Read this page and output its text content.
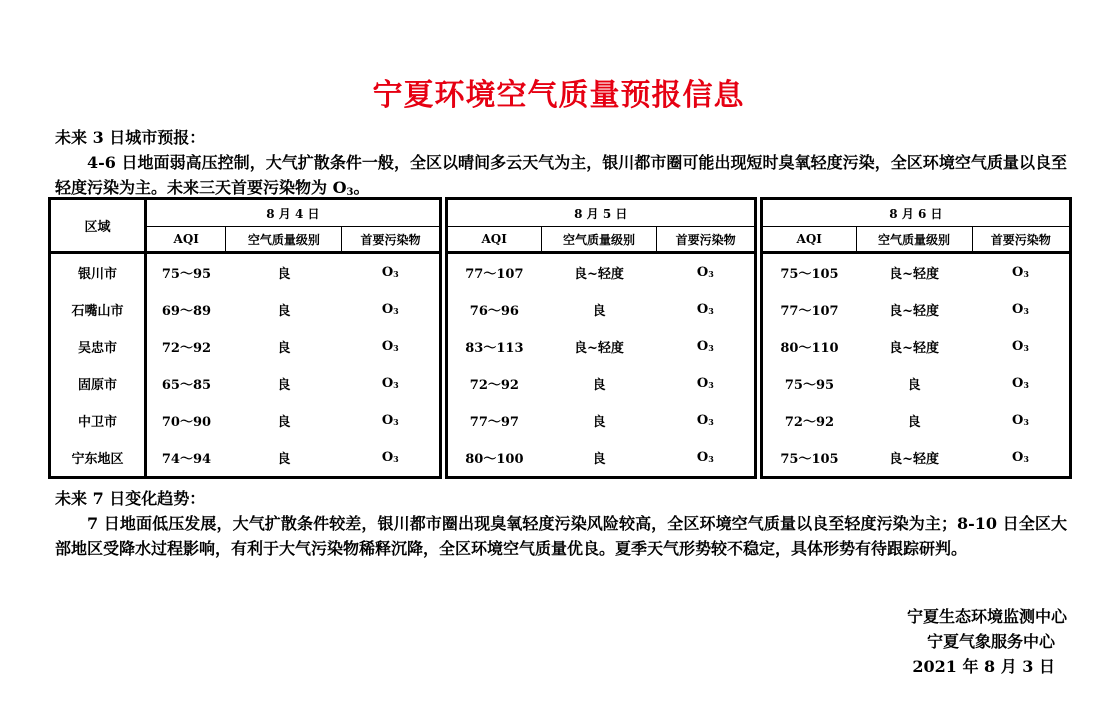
宁夏环境空气质量预报信息
未来 3 日城市预报：
4-6 日地面弱高压控制，大气扩散条件一般，全区以晴间多云天气为主，银川都市圈可能出现短时臭氧轻度污染，全区环境空气质量以良至轻度污染为主。未来三天首要污染物为 $O_3$。
区域	8 月 4 日				8 月 5 日				8 月 6 日		
	AQI	空气质量级别	首要污染物		AQI	空气质量级别	首要污染物		AQI	空气质量级别	首要污染物
银川市	75～95	良	O3		77～107	良~轻度	O3		75～105	良~轻度	O3
石嘴山市	69～89	良	O3		76～96	良	O3		77～107	良~轻度	O3
吴忠市	72～92	良	O3		83～113	良~轻度	O3		80～110	良~轻度	O3
固原市	65～85	良	O3		72～92	良	O3		75～95	良	O3
中卫市	70～90	良	O3		77～97	良	O3		72～92	良	O3
宁东地区	74～94	良	O3		80～100	良	O3		75～105	良~轻度	O3
未来 7 日变化趋势：
7 日地面低压发展，大气扩散条件较差，银川都市圈出现臭氧轻度污染风险较高，全区环境空气质量以良至轻度污染为主；8-10 日全区大部地区受降水过程影响，有利于大气污染物稀释沉降，全区环境空气质量优良。夏季天气形势较不稳定，具体形势有待跟踪研判。
宁夏生态环境监测中心
宁夏气象服务中心
2021 年 8 月 3 日
